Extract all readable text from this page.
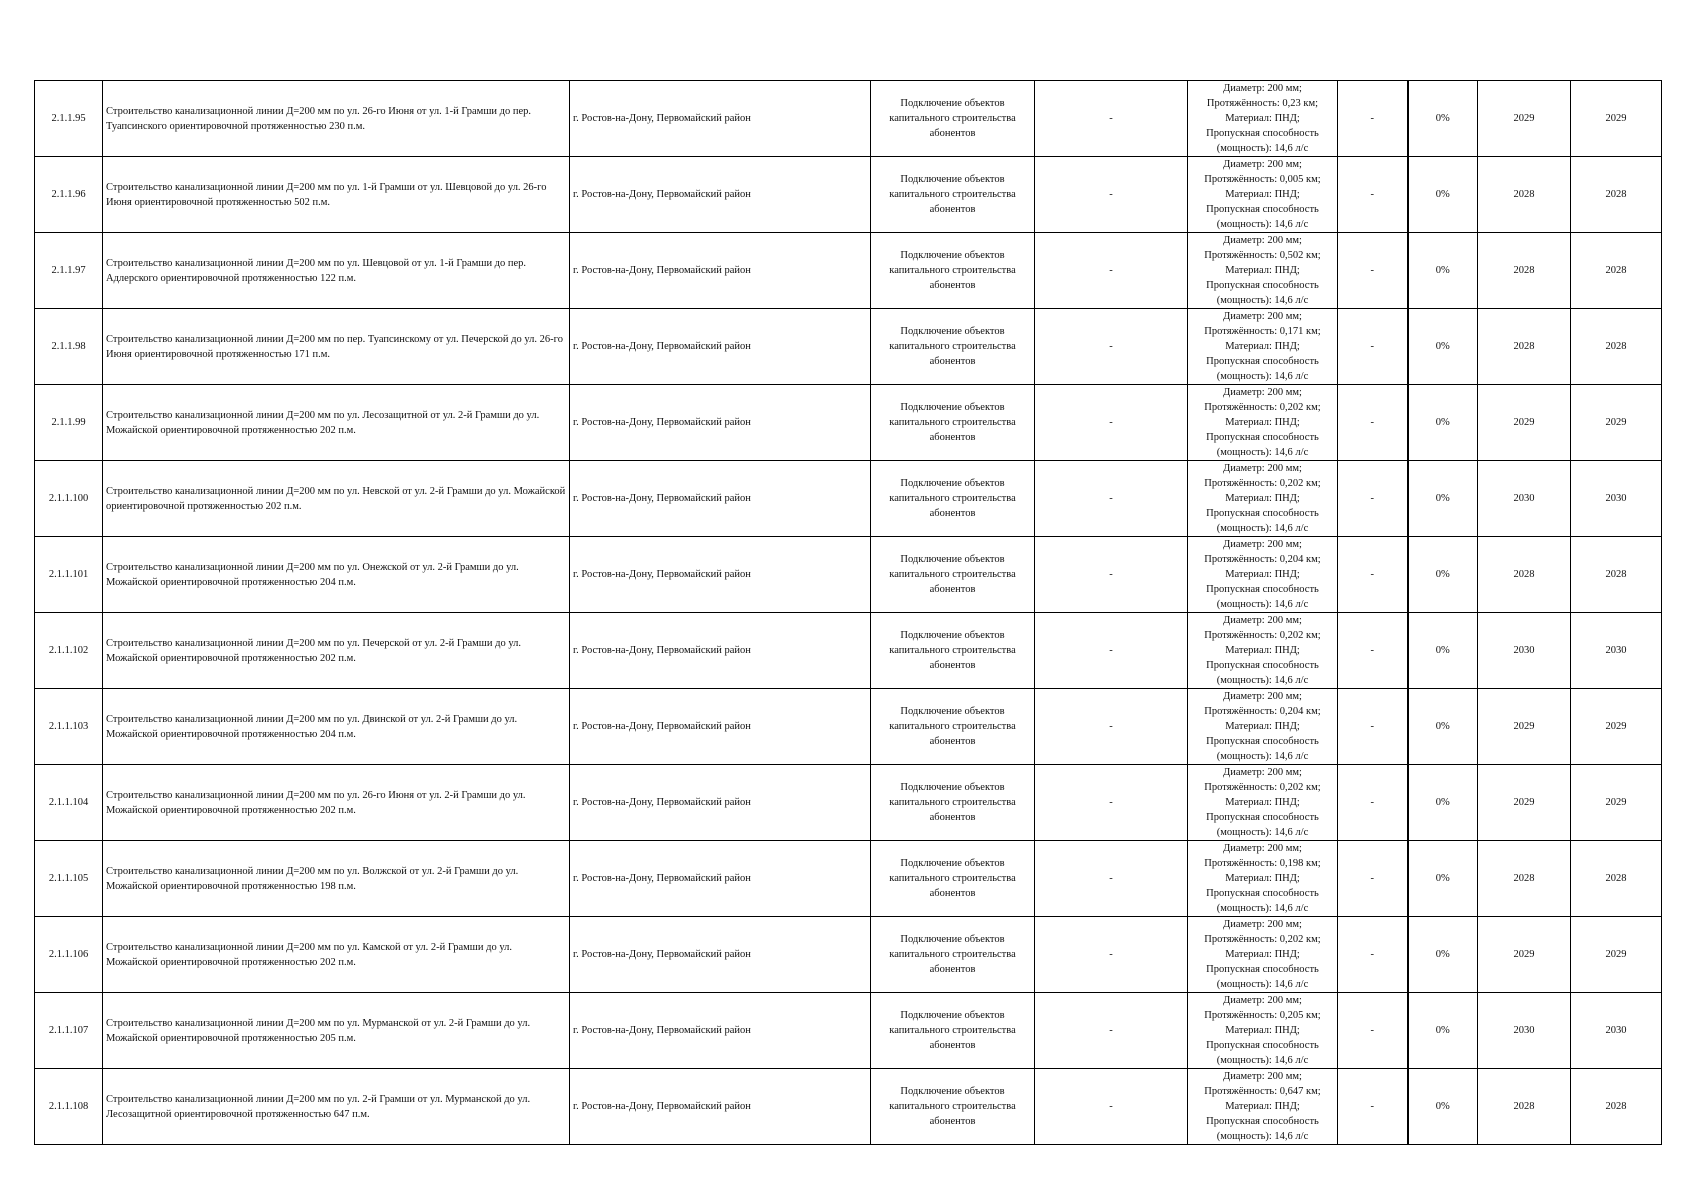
2.1.1.95	Строительство канализационной линии Д=200 мм по ул. 26-го Июня от ул. 1-й Грамши до пер. Туапсинского ориентировочной протяженностью 230 п.м.	г. Ростов-на-Дону, Первомайский район	Подключение объектов капитального строительства абонентов	-	Диаметр: 200 мм;
Протяжённость: 0,23 км;
Материал: ПНД;
Пропускная способность
(мощность): 14,6 л/с	-	0%	2029	2029
2.1.1.96	Строительство канализационной линии Д=200 мм по ул. 1-й Грамши от ул. Шевцовой до ул. 26-го Июня ориентировочной протяженностью 502 п.м.	г. Ростов-на-Дону, Первомайский район	Подключение объектов капитального строительства абонентов	-	Диаметр: 200 мм;
Протяжённость: 0,005 км;
Материал: ПНД;
Пропускная способность
(мощность): 14,6 л/с	-	0%	2028	2028
2.1.1.97	Строительство канализационной линии Д=200 мм по ул. Шевцовой от ул. 1-й Грамши до пер. Адлерского ориентировочной протяженностью 122 п.м.	г. Ростов-на-Дону, Первомайский район	Подключение объектов капитального строительства абонентов	-	Диаметр: 200 мм;
Протяжённость: 0,502 км;
Материал: ПНД;
Пропускная способность
(мощность): 14,6 л/с	-	0%	2028	2028
2.1.1.98	Строительство канализационной линии Д=200 мм по пер. Туапсинскому от ул. Печерской до ул. 26-го Июня ориентировочной протяженностью 171 п.м.	г. Ростов-на-Дону, Первомайский район	Подключение объектов капитального строительства абонентов	-	Диаметр: 200 мм;
Протяжённость: 0,171 км;
Материал: ПНД;
Пропускная способность
(мощность): 14,6 л/с	-	0%	2028	2028
2.1.1.99	Строительство канализационной линии Д=200 мм по ул. Лесозащитной от ул. 2-й Грамши до ул. Можайской ориентировочной протяженностью 202 п.м.	г. Ростов-на-Дону, Первомайский район	Подключение объектов капитального строительства абонентов	-	Диаметр: 200 мм;
Протяжённость: 0,202 км;
Материал: ПНД;
Пропускная способность
(мощность): 14,6 л/с	-	0%	2029	2029
2.1.1.100	Строительство канализационной линии Д=200 мм по ул. Невской от ул. 2-й Грамши до ул. Можайской ориентировочной протяженностью 202 п.м.	г. Ростов-на-Дону, Первомайский район	Подключение объектов капитального строительства абонентов	-	Диаметр: 200 мм;
Протяжённость: 0,202 км;
Материал: ПНД;
Пропускная способность
(мощность): 14,6 л/с	-	0%	2030	2030
2.1.1.101	Строительство канализационной линии Д=200 мм по ул. Онежской от ул. 2-й Грамши до ул. Можайской ориентировочной протяженностью 204 п.м.	г. Ростов-на-Дону, Первомайский район	Подключение объектов капитального строительства абонентов	-	Диаметр: 200 мм;
Протяжённость: 0,204 км;
Материал: ПНД;
Пропускная способность
(мощность): 14,6 л/с	-	0%	2028	2028
2.1.1.102	Строительство канализационной линии Д=200 мм по ул. Печерской от ул. 2-й Грамши до ул. Можайской ориентировочной протяженностью 202 п.м.	г. Ростов-на-Дону, Первомайский район	Подключение объектов капитального строительства абонентов	-	Диаметр: 200 мм;
Протяжённость: 0,202 км;
Материал: ПНД;
Пропускная способность
(мощность): 14,6 л/с	-	0%	2030	2030
2.1.1.103	Строительство канализационной линии Д=200 мм по ул. Двинской от ул. 2-й Грамши до ул. Можайской ориентировочной протяженностью 204 п.м.	г. Ростов-на-Дону, Первомайский район	Подключение объектов капитального строительства абонентов	-	Диаметр: 200 мм;
Протяжённость: 0,204 км;
Материал: ПНД;
Пропускная способность
(мощность): 14,6 л/с	-	0%	2029	2029
2.1.1.104	Строительство канализационной линии Д=200 мм по ул. 26-го Июня от ул. 2-й Грамши до ул. Можайской ориентировочной протяженностью 202 п.м.	г. Ростов-на-Дону, Первомайский район	Подключение объектов капитального строительства абонентов	-	Диаметр: 200 мм;
Протяжённость: 0,202 км;
Материал: ПНД;
Пропускная способность
(мощность): 14,6 л/с	-	0%	2029	2029
2.1.1.105	Строительство канализационной линии Д=200 мм по ул. Волжской от ул. 2-й Грамши до ул. Можайской ориентировочной протяженностью 198 п.м.	г. Ростов-на-Дону, Первомайский район	Подключение объектов капитального строительства абонентов	-	Диаметр: 200 мм;
Протяжённость: 0,198 км;
Материал: ПНД;
Пропускная способность
(мощность): 14,6 л/с	-	0%	2028	2028
2.1.1.106	Строительство канализационной линии Д=200 мм по ул. Камской от ул. 2-й Грамши до ул. Можайской ориентировочной протяженностью 202 п.м.	г. Ростов-на-Дону, Первомайский район	Подключение объектов капитального строительства абонентов	-	Диаметр: 200 мм;
Протяжённость: 0,202 км;
Материал: ПНД;
Пропускная способность
(мощность): 14,6 л/с	-	0%	2029	2029
2.1.1.107	Строительство канализационной линии Д=200 мм по ул. Мурманской от ул. 2-й Грамши до ул. Можайской ориентировочной протяженностью 205 п.м.	г. Ростов-на-Дону, Первомайский район	Подключение объектов капитального строительства абонентов	-	Диаметр: 200 мм;
Протяжённость: 0,205 км;
Материал: ПНД;
Пропускная способность
(мощность): 14,6 л/с	-	0%	2030	2030
2.1.1.108	Строительство канализационной линии Д=200 мм по ул. 2-й Грамши от ул. Мурманской до ул. Лесозащитной ориентировочной протяженностью 647 п.м.	г. Ростов-на-Дону, Первомайский район	Подключение объектов капитального строительства абонентов	-	Диаметр: 200 мм;
Протяжённость: 0,647 км;
Материал: ПНД;
Пропускная способность
(мощность): 14,6 л/с	-	0%	2028	2028
